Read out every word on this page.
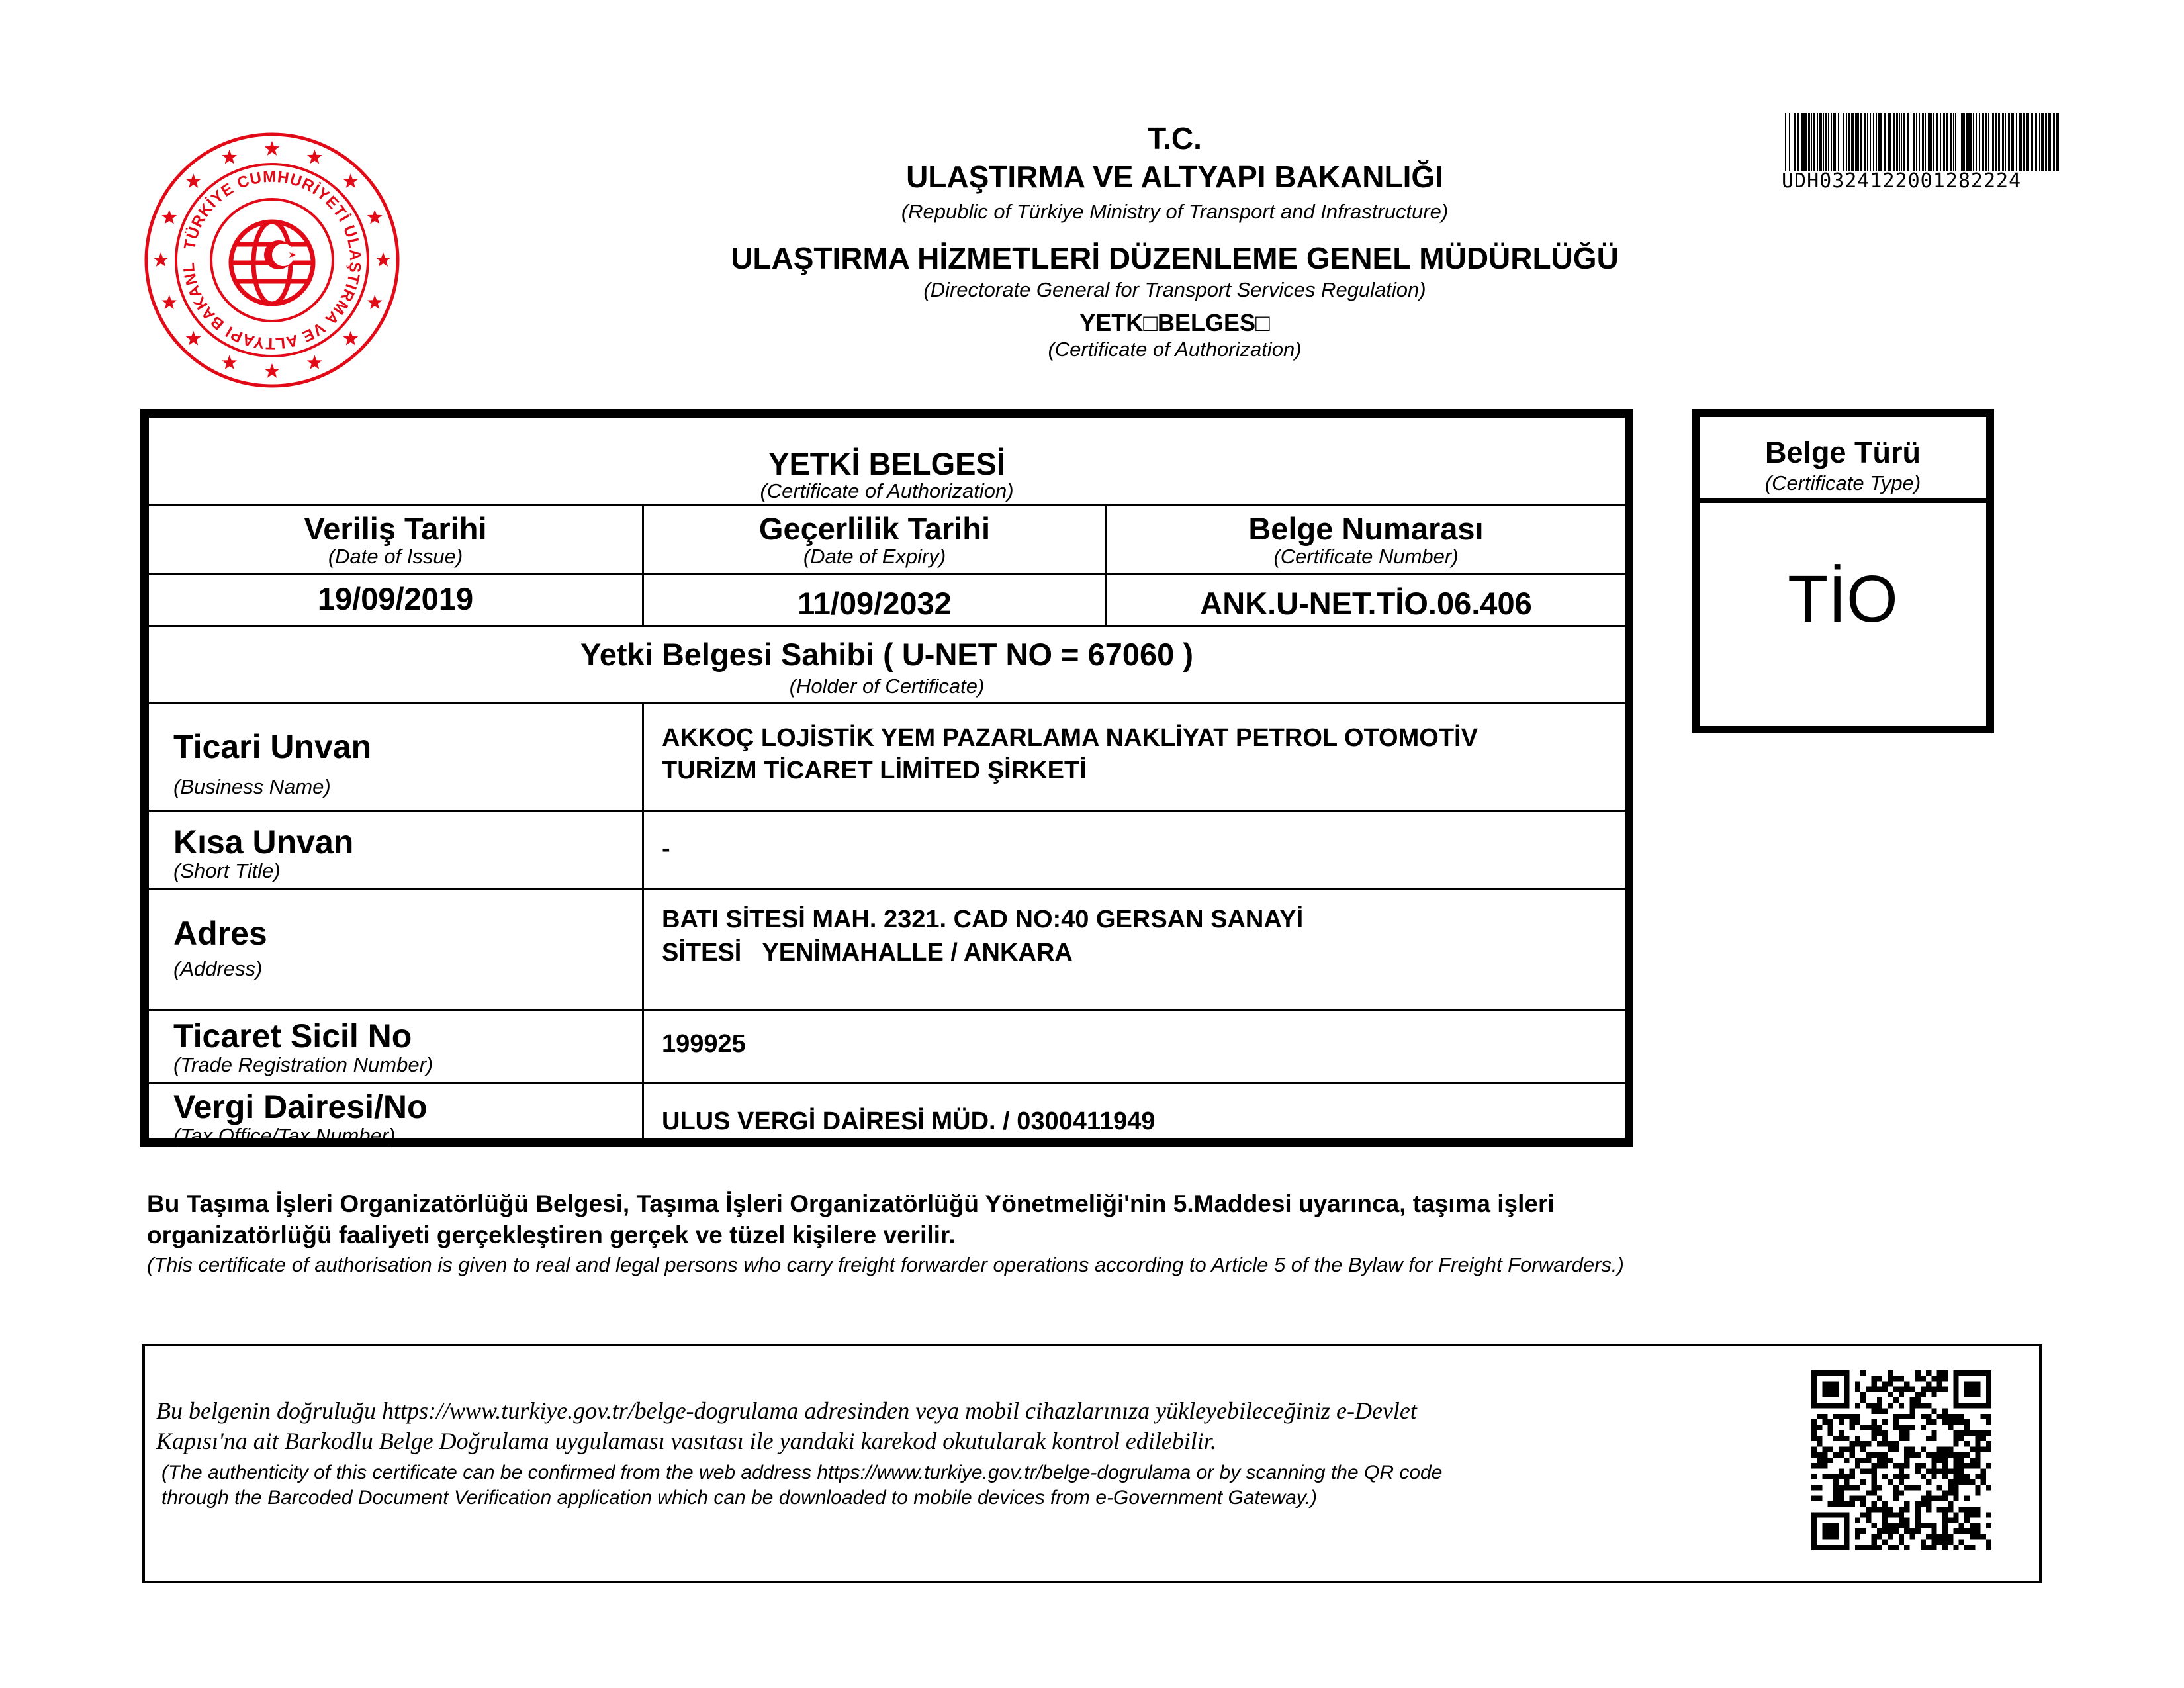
TÜRKİYE CUMHURİYETİ ULAŞTIRMA VE ALTYAPI BAKANL
T.C.
ULAŞTIRMA VE ALTYAPI BAKANLIĞI
(Republic of Türkiye Ministry of Transport and Infrastructure)
ULAŞTIRMA HİZMETLERİ DÜZENLEME GENEL MÜDÜRLÜĞÜ
(Directorate General for Transport Services Regulation)
YETK□BELGES□
(Certificate of Authorization)
UDH0324122001282224
YETKİ BELGESİ
(Certificate of Authorization)
Veriliş Tarihi
(Date of Issue)
Geçerlilik Tarihi
(Date of Expiry)
Belge Numarası
(Certificate Number)
19/09/2019	11/09/2032	ANK.U-NET.TİO.06.406
Yetki Belgesi Sahibi ( U-NET NO = 67060 )
(Holder of Certificate)
Ticari Unvan
(Business Name)
AKKOÇ LOJİSTİK YEM PAZARLAMA NAKLİYAT PETROL OTOMOTİV
TURİZM TİCARET LİMİTED ŞİRKETİ
Kısa Unvan
(Short Title)
-
Adres
(Address)
BATI SİTESİ MAH. 2321. CAD NO:40 GERSAN SANAYİ
SİTESİ   YENİMAHALLE / ANKARA
Ticaret Sicil No
(Trade Registration Number)
199925
Vergi Dairesi/No
(Tax Office/Tax Number)
ULUS VERGİ DAİRESİ MÜD. / 0300411949
Belge Türü
(Certificate Type)
TİO
Bu Taşıma İşleri Organizatörlüğü Belgesi, Taşıma İşleri Organizatörlüğü Yönetmeliği'nin 5.Maddesi uyarınca, taşıma işleri
organizatörlüğü faaliyeti gerçekleştiren gerçek ve tüzel kişilere verilir.
(This certificate of authorisation is given to real and legal persons who carry freight forwarder operations according to Article 5 of the Bylaw for Freight Forwarders.)
Bu belgenin doğruluğu https://www.turkiye.gov.tr/belge-dogrulama adresinden veya mobil cihazlarınıza yükleyebileceğiniz e-Devlet
Kapısı'na ait Barkodlu Belge Doğrulama uygulaması vasıtası ile yandaki karekod okutularak kontrol edilebilir.
(The authenticity of this certificate can be confirmed from the web address https://www.turkiye.gov.tr/belge-dogrulama or by scanning the QR code
through the Barcoded Document Verification application which can be downloaded to mobile devices from e-Government Gateway.)
